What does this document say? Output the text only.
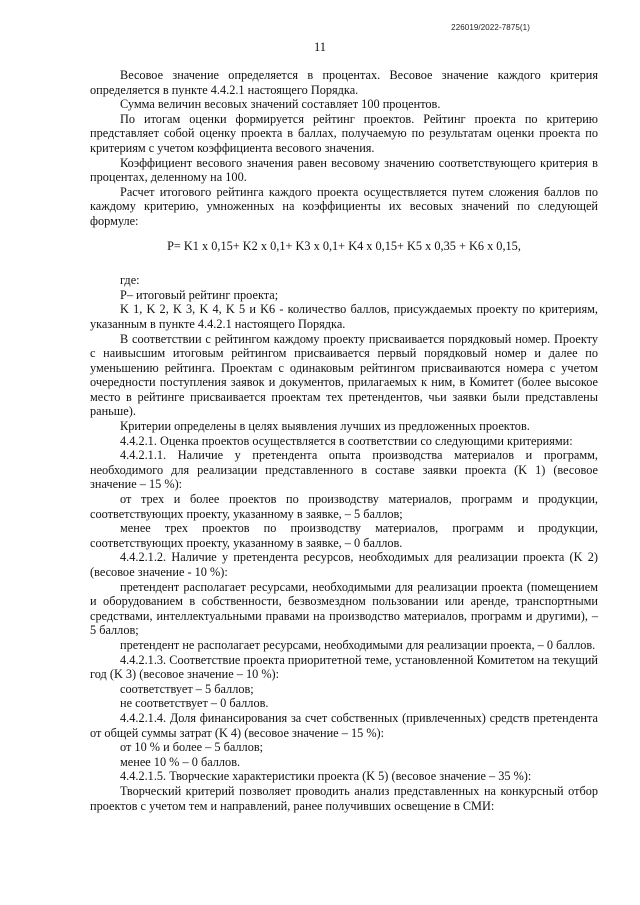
226019/2022-7875(1)
11

Весовое значение определяется в процентах. Весовое значение каждого критерия определяется в пункте 4.4.2.1 настоящего Порядка.

Сумма величин весовых значений составляет 100 процентов.

По итогам оценки формируется рейтинг проектов. Рейтинг проекта по критерию представляет собой оценку проекта в баллах, получаемую по результатам оценки проекта по критериям с учетом коэффициента весового значения.

Коэффициент весового значения равен весовому значению соответствующего критерия в процентах, деленному на 100.

Расчет итогового рейтинга каждого проекта осуществляется путем сложения баллов по каждому критерию, умноженных на коэффициенты их весовых значений по следующей формуле:

P= K1 x 0,15+ K2 x 0,1+ K3 x 0,1+ K4 x 0,15+ K5 x 0,35 + K6 x 0,15,

где:

P– итоговый рейтинг проекта;

K 1, K 2, K 3, K 4, K 5 и K6 - количество баллов, присуждаемых проекту по критериям, указанным в пункте 4.4.2.1 настоящего Порядка.

В соответствии с рейтингом каждому проекту присваивается порядковый номер. Проекту с наивысшим итоговым рейтингом присваивается первый порядковый номер и далее по уменьшению рейтинга. Проектам с одинаковым рейтингом присваиваются номера с учетом очередности поступления заявок и документов, прилагаемых к ним, в Комитет (более высокое место в рейтинге присваивается проектам тех претендентов, чьи заявки были представлены раньше).

Критерии определены в целях выявления лучших из предложенных проектов.

4.4.2.1. Оценка проектов осуществляется в соответствии со следующими критериями:

4.4.2.1.1. Наличие у претендента опыта производства материалов и программ, необходимого для реализации представленного в составе заявки проекта (K 1) (весовое значение – 15 %):

от трех и более проектов по производству материалов, программ и продукции, соответствующих проекту, указанному в заявке, – 5 баллов;

менее трех проектов по производству материалов, программ и продукции, соответствующих проекту, указанному в заявке, – 0 баллов.

4.4.2.1.2. Наличие у претендента ресурсов, необходимых для реализации проекта (K 2) (весовое значение - 10 %):

претендент располагает ресурсами, необходимыми для реализации проекта (помещением и оборудованием в собственности, безвозмездном пользовании или аренде, транспортными средствами, интеллектуальными правами на производство материалов, программ и другими), – 5 баллов;

претендент не располагает ресурсами, необходимыми для реализации проекта, – 0 баллов.

4.4.2.1.3. Соответствие проекта приоритетной теме, установленной Комитетом на текущий год (K 3) (весовое значение – 10 %):

соответствует – 5 баллов;

не соответствует – 0 баллов.

4.4.2.1.4. Доля финансирования за счет собственных (привлеченных) средств претендента от общей суммы затрат (K 4) (весовое значение – 15 %):

от 10 % и более – 5 баллов;

менее 10 % – 0 баллов.

4.4.2.1.5. Творческие характеристики проекта (K 5) (весовое значение – 35 %):

Творческий критерий позволяет проводить анализ представленных на конкурсный отбор проектов с учетом тем и направлений, ранее получивших освещение в СМИ:
